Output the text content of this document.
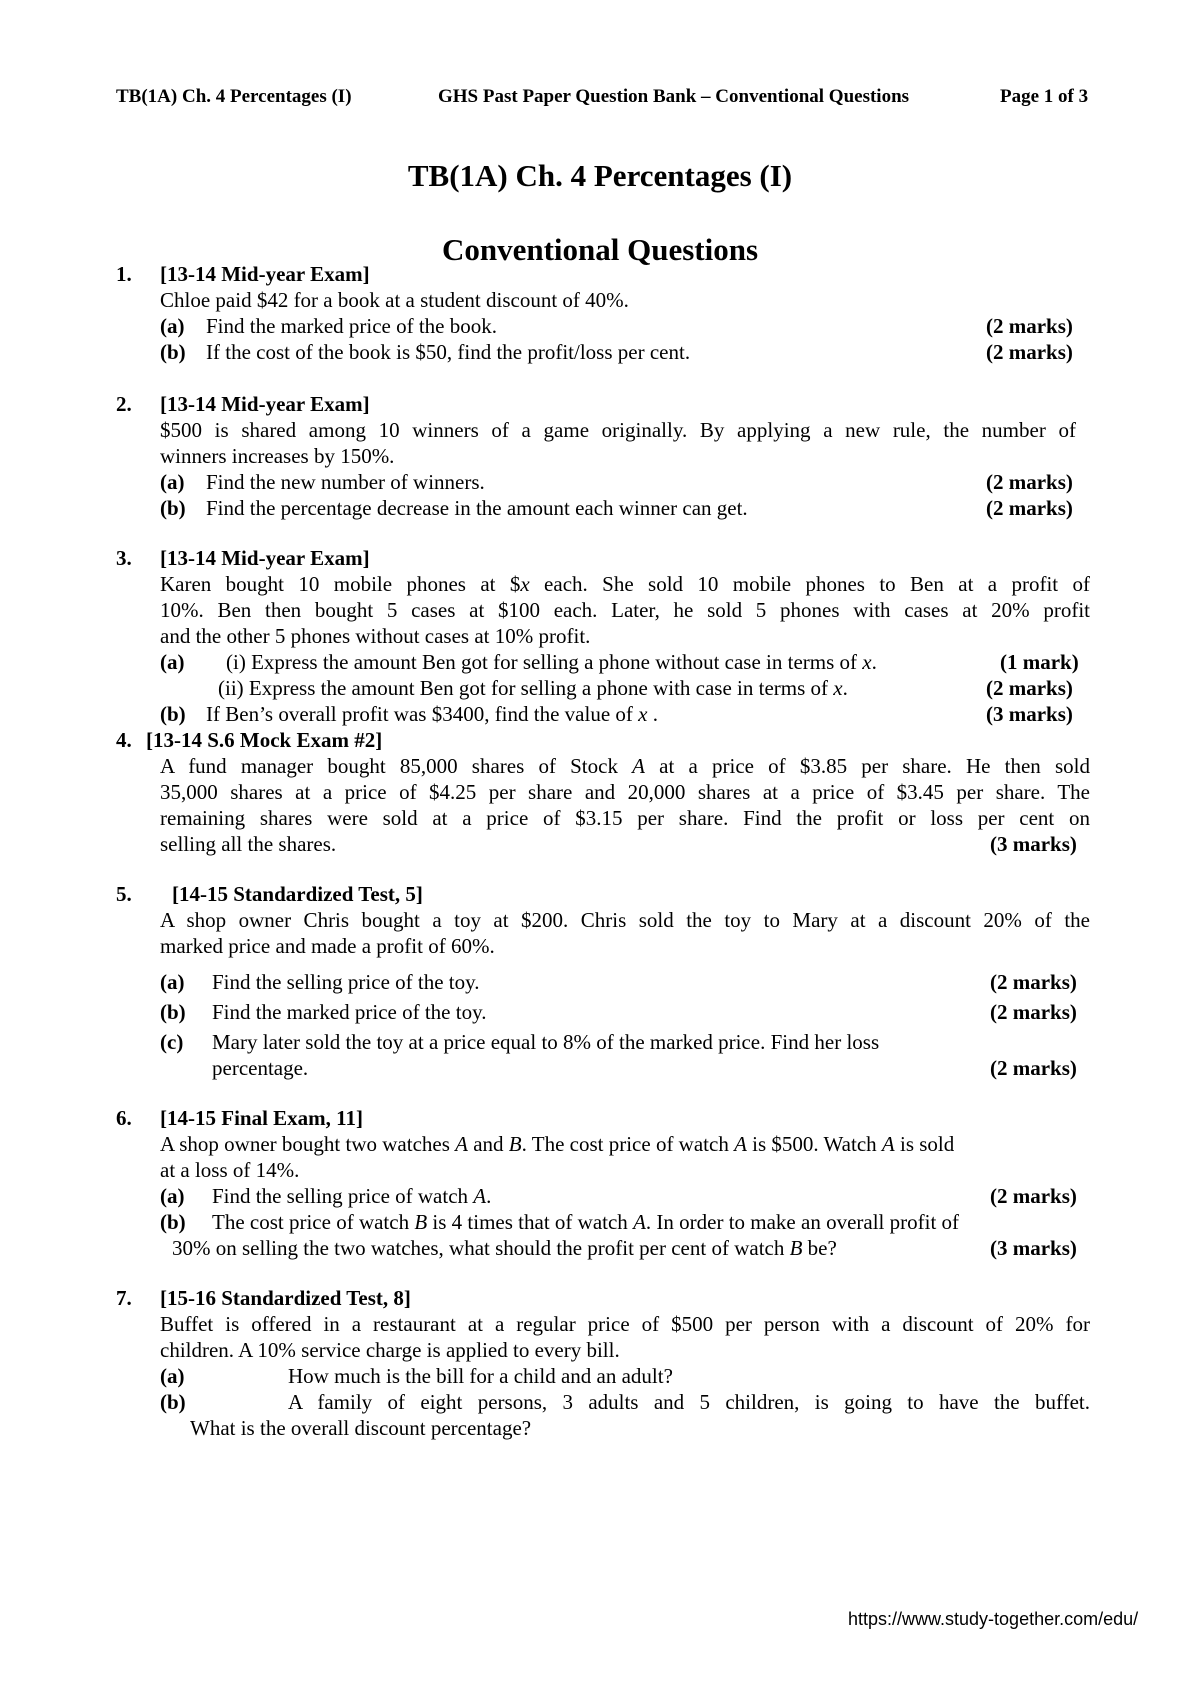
TB(1A) Ch. 4 Percentages (I)	GHS Past Paper Question Bank – Conventional Questions	Page 1 of 3
TB(1A) Ch. 4 Percentages (I)
Conventional Questions
1. [13-14 Mid-year Exam]
Chloe paid $42 for a book at a student discount of 40%.
(a) Find the marked price of the book.	(2 marks)
(b) If the cost of the book is $50, find the profit/loss per cent.	(2 marks)
2. [13-14 Mid-year Exam]
$500 is shared among 10 winners of a game originally. By applying a new rule, the number of
winners increases by 150%.
(a) Find the new number of winners.	(2 marks)
(b) Find the percentage decrease in the amount each winner can get.	(2 marks)
3. [13-14 Mid-year Exam]
Karen bought 10 mobile phones at $x each. She sold 10 mobile phones to Ben at a profit of
10%. Ben then bought 5 cases at $100 each. Later, he sold 5 phones with cases at 20% profit
and the other 5 phones without cases at 10% profit.
(a) (i) Express the amount Ben got for selling a phone without case in terms of x.	(1 mark)
(ii) Express the amount Ben got for selling a phone with case in terms of x.	(2 marks)
(b) If Ben’s overall profit was $3400, find the value of x .	(3 marks)
4. [13-14 S.6 Mock Exam #2]
A fund manager bought 85,000 shares of Stock A at a price of $3.85 per share. He then sold
35,000 shares at a price of $4.25 per share and 20,000 shares at a price of $3.45 per share. The
remaining shares were sold at a price of $3.15 per share. Find the profit or loss per cent on
selling all the shares.	(3 marks)
5. [14-15 Standardized Test, 5]
A shop owner Chris bought a toy at $200. Chris sold the toy to Mary at a discount 20% of the
marked price and made a profit of 60%.
(a) Find the selling price of the toy.	(2 marks)
(b) Find the marked price of the toy.	(2 marks)
(c) Mary later sold the toy at a price equal to 8% of the marked price. Find her loss
percentage.	(2 marks)
6. [14-15 Final Exam, 11]
A shop owner bought two watches A and B. The cost price of watch A is $500. Watch A is sold
at a loss of 14%.
(a) Find the selling price of watch A.	(2 marks)
(b) The cost price of watch B is 4 times that of watch A. In order to make an overall profit of
30% on selling the two watches, what should the profit per cent of watch B be?	(3 marks)
7. [15-16 Standardized Test, 8]
Buffet is offered in a restaurant at a regular price of $500 per person with a discount of 20% for
children. A 10% service charge is applied to every bill.
(a)	How much is the bill for a child and an adult?
(b)	A family of eight persons, 3 adults and 5 children, is going to have the buffet.
What is the overall discount percentage?
https://www.study-together.com/edu/
